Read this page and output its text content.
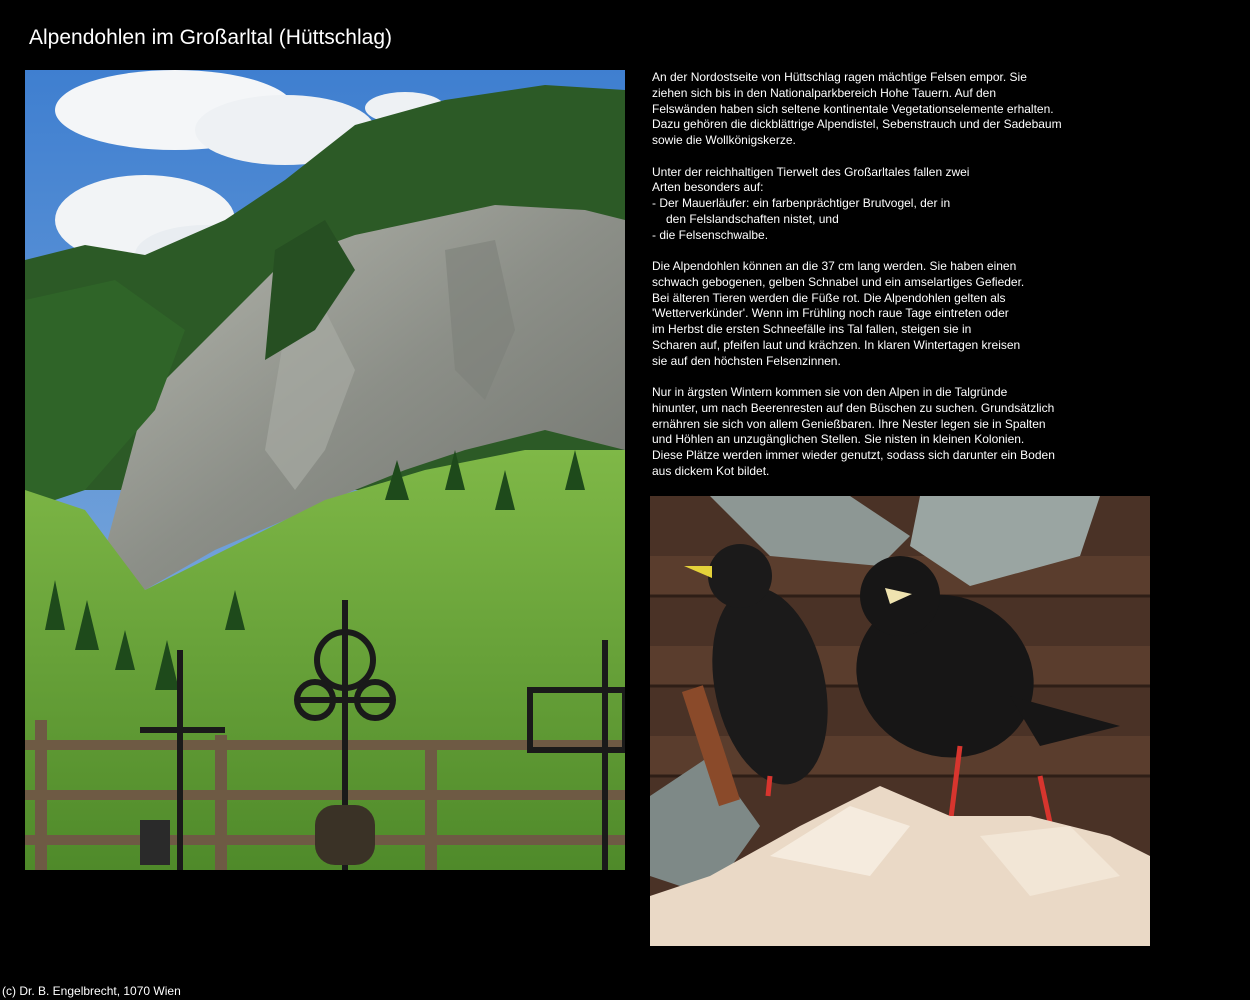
Alpendohlen im Großarltal (Hüttschlag)

An der Nordostseite von Hüttschlag ragen mächtige Felsen empor. Sie
ziehen sich bis in den Nationalparkbereich Hohe Tauern. Auf den
Felswänden haben sich seltene kontinentale Vegetationselemente erhalten.
Dazu gehören die dickblättrige Alpendistel, Sebenstrauch und der Sadebaum
sowie die Wollkönigskerze.

Unter der reichhaltigen Tierwelt des Großarltales fallen zwei
Arten besonders auf:
- Der Mauerläufer: ein farbenprächtiger Brutvogel, der in
den Felslandschaften nistet, und
- die Felsenschwalbe.

Die Alpendohlen können an die 37 cm lang werden. Sie haben einen
schwach gebogenen, gelben Schnabel und ein amselartiges Gefieder.
Bei älteren Tieren werden die Füße rot. Die Alpendohlen gelten als
'Wetterverkünder'. Wenn im Frühling noch raue Tage eintreten oder
im Herbst die ersten Schneefälle ins Tal fallen, steigen sie in
Scharen auf, pfeifen laut und krächzen. In klaren Wintertagen kreisen
sie auf den höchsten Felsenzinnen.

Nur in ärgsten Wintern kommen sie von den Alpen in die Talgründe
hinunter, um nach Beerenresten auf den Büschen zu suchen. Grundsätzlich
ernähren sie sich von allem Genießbaren. Ihre Nester legen sie in Spalten
und Höhlen an unzugänglichen Stellen. Sie nisten in kleinen Kolonien.
Diese Plätze werden immer wieder genutzt, sodass sich darunter ein Boden
aus dickem Kot bildet.

(c) Dr. B. Engelbrecht, 1070 Wien
